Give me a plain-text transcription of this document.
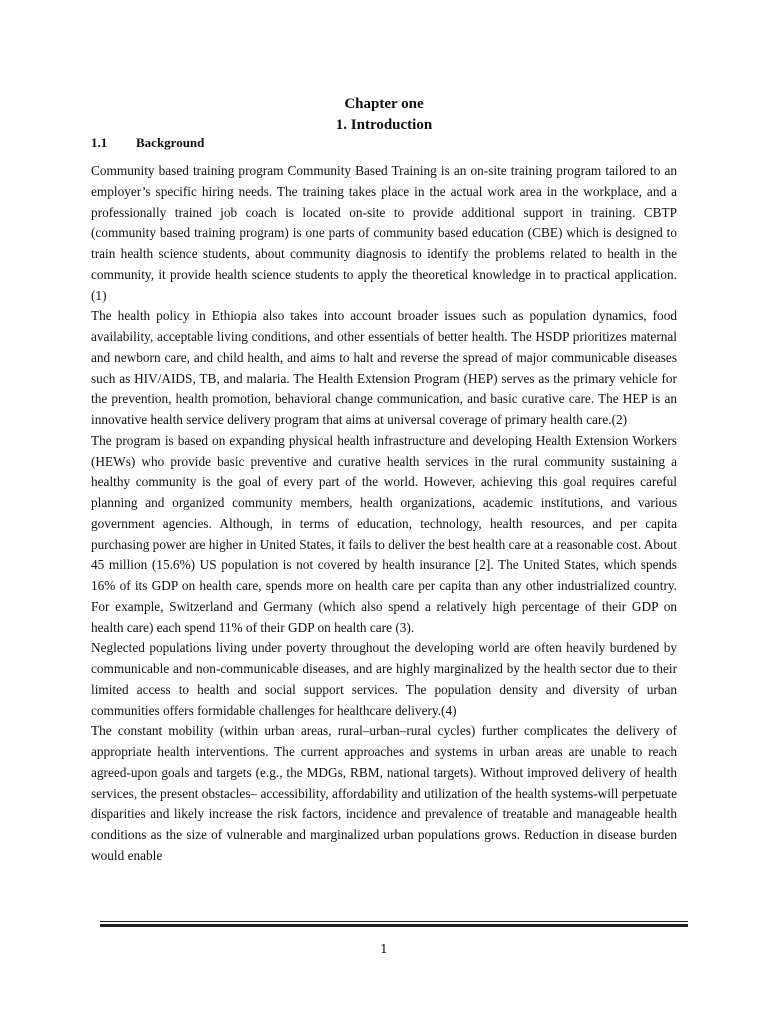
Chapter one
1. Introduction
1.1 Background

Community based training program Community Based Training is an on-site training program tailored to an employer’s specific hiring needs. The training takes place in the actual work area in the workplace, and a professionally trained job coach is located on-site to provide additional support in training. CBTP (community based training program) is one parts of community based education (CBE) which is designed to train health science students, about community diagnosis to identify the problems related to health in the community, it provide health science students to apply the theoretical knowledge in to practical application.(1)

The health policy in Ethiopia also takes into account broader issues such as population dynamics, food availability, acceptable living conditions, and other essentials of better health. The HSDP prioritizes maternal and newborn care, and child health, and aims to halt and reverse the spread of major communicable diseases such as HIV/AIDS, TB, and malaria. The Health Extension Program (HEP) serves as the primary vehicle for the prevention, health promotion, behavioral change communication, and basic curative care. The HEP is an innovative health service delivery program that aims at universal coverage of primary health care.(2)

The program is based on expanding physical health infrastructure and developing Health Extension Workers (HEWs) who provide basic preventive and curative health services in the rural community sustaining a healthy community is the goal of every part of the world. However, achieving this goal requires careful planning and organized community members, health organizations, academic institutions, and various government agencies. Although, in terms of education, technology, health resources, and per capita purchasing power are higher in United States, it fails to deliver the best health care at a reasonable cost. About 45 million (15.6%) US population is not covered by health insurance [2]. The United States, which spends 16% of its GDP on health care, spends more on health care per capita than any other industrialized country. For example, Switzerland and Germany (which also spend a relatively high percentage of their GDP on health care) each spend 11% of their GDP on health care (3).

Neglected populations living under poverty throughout the developing world are often heavily burdened by communicable and non-communicable diseases, and are highly marginalized by the health sector due to their limited access to health and social support services. The population density and diversity of urban communities offers formidable challenges for healthcare delivery.(4)

The constant mobility (within urban areas, rural–urban–rural cycles) further complicates the delivery of appropriate health interventions. The current approaches and systems in urban areas are unable to reach agreed-upon goals and targets (e.g., the MDGs, RBM, national targets). Without improved delivery of health services, the present obstacles– accessibility, affordability and utilization of the health systems-will perpetuate disparities and likely increase the risk factors, incidence and prevalence of treatable and manageable health conditions as the size of vulnerable and marginalized urban populations grows. Reduction in disease burden would enable

1
